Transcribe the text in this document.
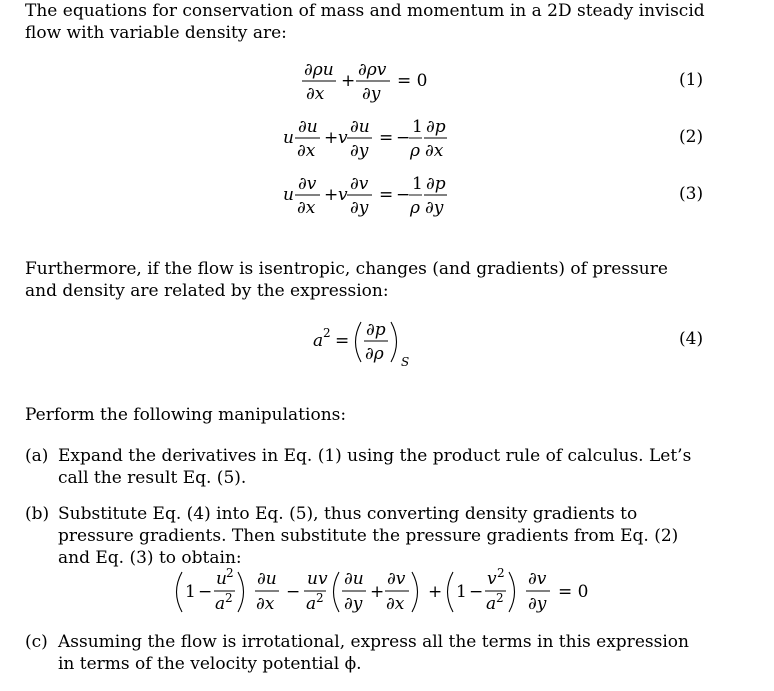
The equations for conservation of mass and momentum in a 2D steady inviscid flow with variable density are:
∂ρu
∂x
+
∂ρv
∂y
= 0	(1)
u
∂u
∂x
+ v
∂u
∂y
= −
1
ρ
∂p
∂x
(2)
u
∂v
∂x
+ v
∂v
∂y
= −
1
ρ
∂p
∂y
(3)
Furthermore, if the flow is isentropic, changes (and gradients) of pressure and density are related by the expression:
a 2 =
∂p
∂ρ S
(4)
Perform the following manipulations:
(a) Expand the derivatives in Eq. (1) using the product rule of calculus. Let’s call the result Eq. (5).
(b) Substitute Eq. (4) into Eq. (5), thus converting density gradients to pressure gradients. Then substitute the pressure gradients from Eq. (2) and Eq. (3) to obtain:
1 −
u 2
a 2
∂u
∂x
−
uv
a 2
∂u
∂y
+
∂v
∂x
+ 1 −
v 2
a 2
∂v
∂y
= 0
(c) Assuming the flow is irrotational, express all the terms in this expression in terms of the velocity potential ϕ.
